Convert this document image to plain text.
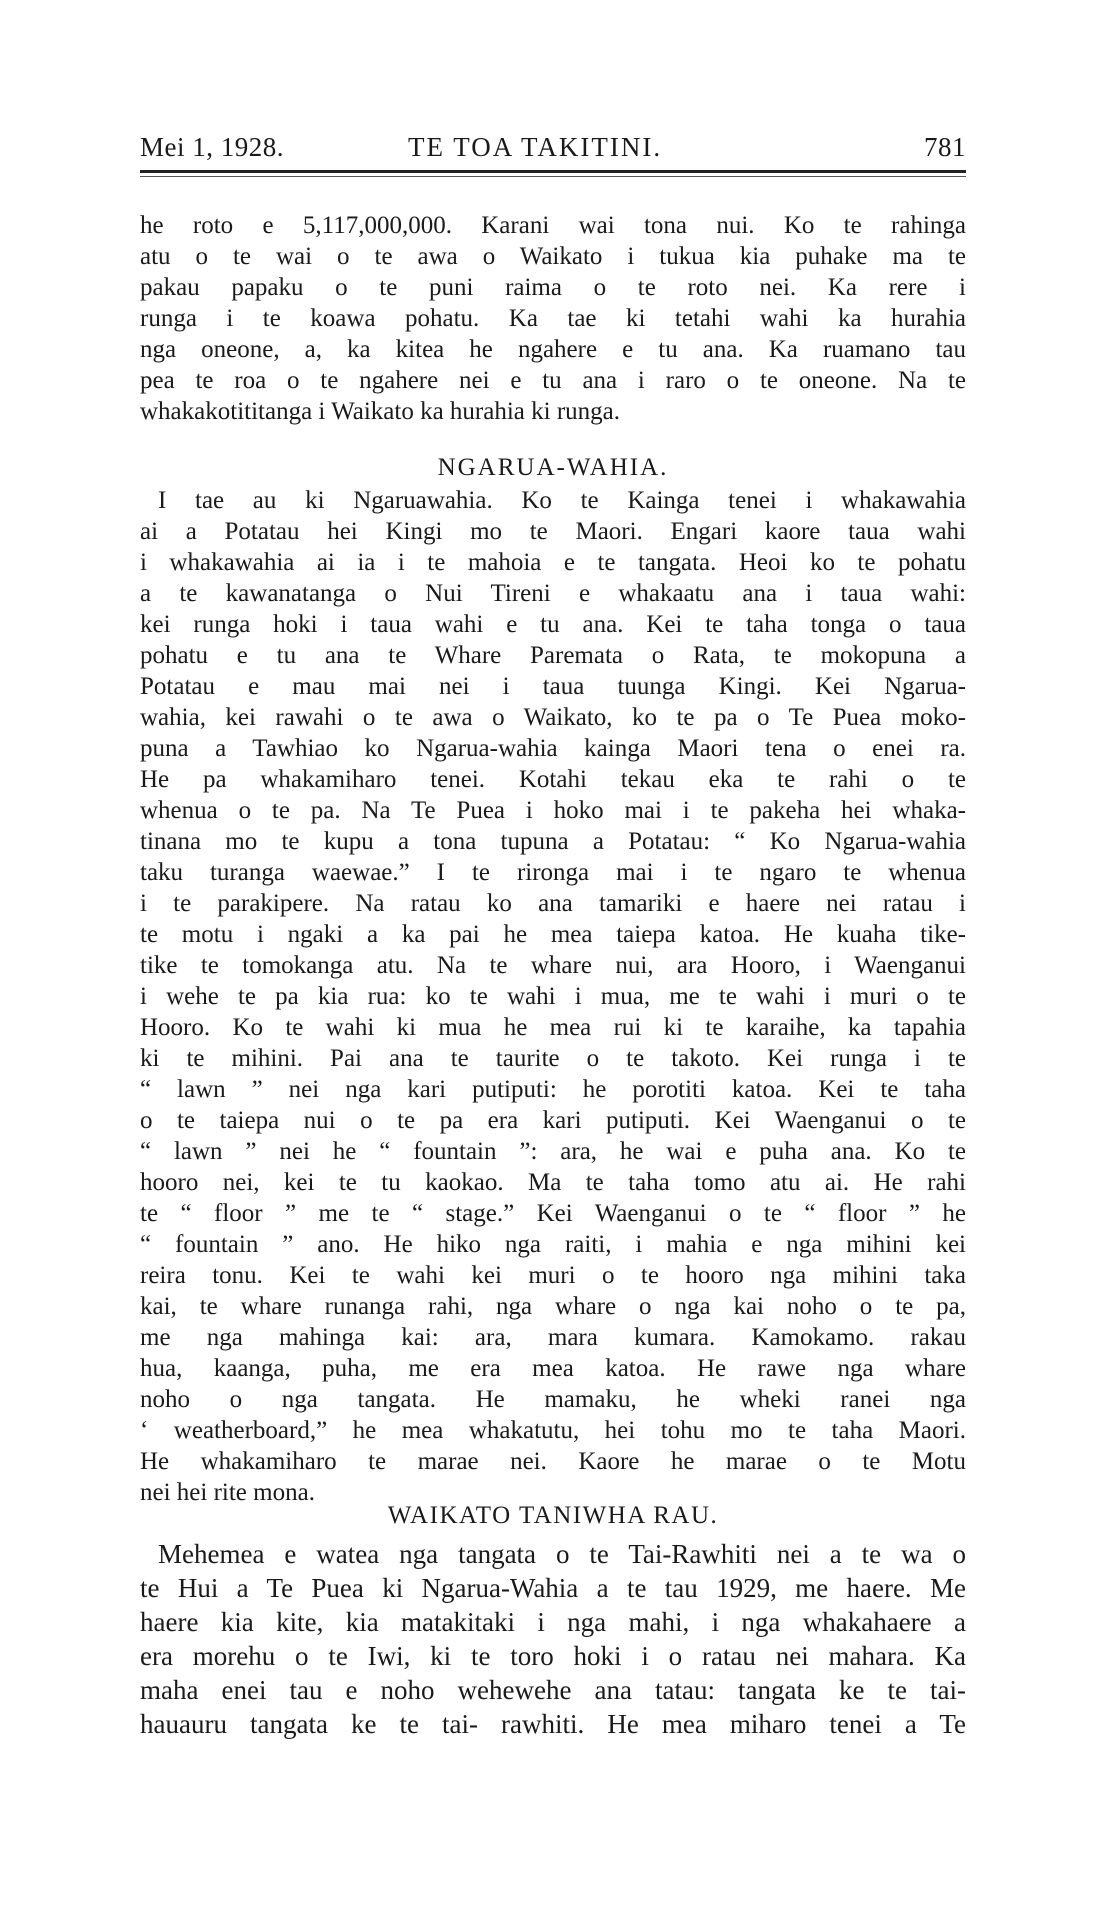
Mei 1, 1928.	TE TOA TAKITINI.	781
he roto e 5,117,000,000. Karani wai tona nui. Ko te rahinga
atu o te wai o te awa o Waikato i tukua kia puhake ma te
pakau papaku o te puni raima o te roto nei. Ka rere i
runga i te koawa pohatu. Ka tae ki tetahi wahi ka hurahia
nga oneone, a, ka kitea he ngahere e tu ana. Ka ruamano tau
pea te roa o te ngahere nei e tu ana i raro o te oneone. Na te
whakakotititanga i Waikato ka hurahia ki runga.
NGARUA-WAHIA.
I tae au ki Ngaruawahia. Ko te Kainga tenei i whakawahia
ai a Potatau hei Kingi mo te Maori. Engari kaore taua wahi
i whakawahia ai ia i te mahoia e te tangata. Heoi ko te pohatu
a te kawanatanga o Nui Tireni e whakaatu ana i taua wahi:
kei runga hoki i taua wahi e tu ana. Kei te taha tonga o taua
pohatu e tu ana te Whare Paremata o Rata, te mokopuna a
Potatau e mau mai nei i taua tuunga Kingi. Kei Ngarua-
wahia, kei rawahi o te awa o Waikato, ko te pa o Te Puea moko-
puna a Tawhiao ko Ngarua-wahia kainga Maori tena o enei ra.
He pa whakamiharo tenei. Kotahi tekau eka te rahi o te
whenua o te pa. Na Te Puea i hoko mai i te pakeha hei whaka-
tinana mo te kupu a tona tupuna a Potatau: “ Ko Ngarua-wahia
taku turanga waewae.” I te rironga mai i te ngaro te whenua
i te parakipere. Na ratau ko ana tamariki e haere nei ratau i
te motu i ngaki a ka pai he mea taiepa katoa. He kuaha tike-
tike te tomokanga atu. Na te whare nui, ara Hooro, i Waenganui
i wehe te pa kia rua: ko te wahi i mua, me te wahi i muri o te
Hooro. Ko te wahi ki mua he mea rui ki te karaihe, ka tapahia
ki te mihini. Pai ana te taurite o te takoto. Kei runga i te
“ lawn ” nei nga kari putiputi: he porotiti katoa. Kei te taha
o te taiepa nui o te pa era kari putiputi. Kei Waenganui o te
“ lawn ” nei he “ fountain ”: ara, he wai e puha ana. Ko te
hooro nei, kei te tu kaokao. Ma te taha tomo atu ai. He rahi
te “ floor ” me te “ stage.” Kei Waenganui o te “ floor ” he
“ fountain ” ano. He hiko nga raiti, i mahia e nga mihini kei
reira tonu. Kei te wahi kei muri o te hooro nga mihini taka
kai, te whare runanga rahi, nga whare o nga kai noho o te pa,
me nga mahinga kai: ara, mara kumara. Kamokamo. rakau
hua, kaanga, puha, me era mea katoa. He rawe nga whare
noho o nga tangata. He mamaku, he wheki ranei nga
‘ weatherboard,” he mea whakatutu, hei tohu mo te taha Maori.
He whakamiharo te marae nei. Kaore he marae o te Motu
nei hei rite mona.
WAIKATO TANIWHA RAU.
Mehemea e watea nga tangata o te Tai-Rawhiti nei a te wa o
te Hui a Te Puea ki Ngarua-Wahia a te tau 1929, me haere. Me
haere kia kite, kia matakitaki i nga mahi, i nga whakahaere a
era morehu o te Iwi, ki te toro hoki i o ratau nei mahara. Ka
maha enei tau e noho wehewehe ana tatau: tangata ke te tai-
hauauru tangata ke te tai- rawhiti. He mea miharo tenei a Te
